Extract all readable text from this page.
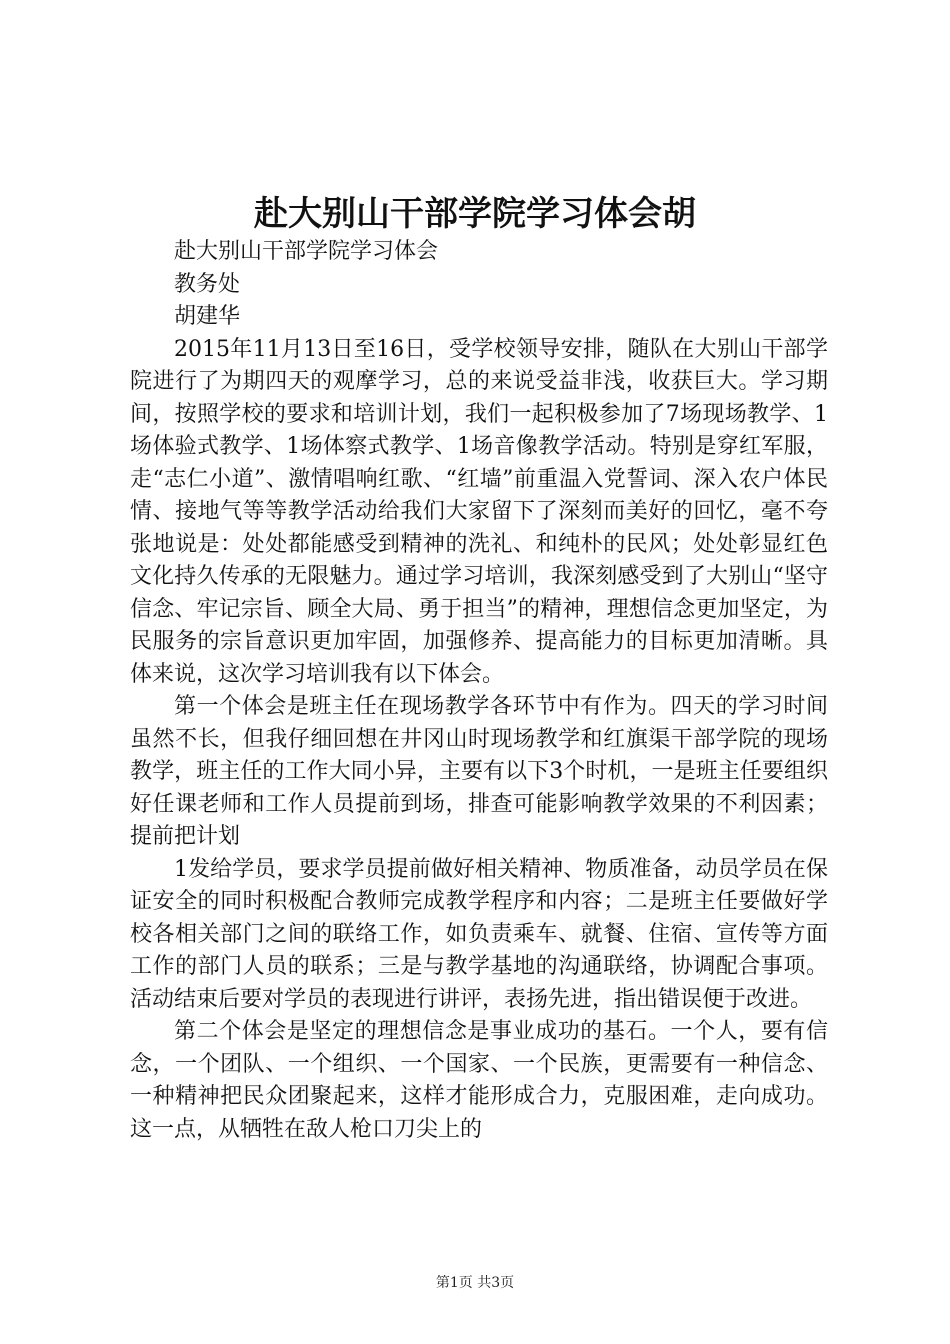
赴大别山干部学院学习体会胡

赴大别山干部学院学习体会

教务处

胡建华

2015年11月13日至16日，受学校领导安排，随队在大别山干部学院进行了为期四天的观摩学习，总的来说受益非浅，收获巨大。学习期间，按照学校的要求和培训计划，我们一起积极参加了7场现场教学、1场体验式教学、1场体察式教学、1场音像教学活动。特别是穿红军服，走“志仁小道”、激情唱响红歌、“红墙”前重温入党誓词、深入农户体民情、接地气等等教学活动给我们大家留下了深刻而美好的回忆，毫不夸张地说是：处处都能感受到精神的洗礼、和纯朴的民风；处处彰显红色文化持久传承的无限魅力。通过学习培训，我深刻感受到了大别山“坚守信念、牢记宗旨、顾全大局、勇于担当”的精神，理想信念更加坚定，为民服务的宗旨意识更加牢固，加强修养、提高能力的目标更加清晰。具体来说，这次学习培训我有以下体会。

第一个体会是班主任在现场教学各环节中有作为。四天的学习时间虽然不长，但我仔细回想在井冈山时现场教学和红旗渠干部学院的现场教学，班主任的工作大同小异，主要有以下3个时机，一是班主任要组织好任课老师和工作人员提前到场，排查可能影响教学效果的不利因素；提前把计划

1发给学员，要求学员提前做好相关精神、物质准备，动员学员在保证安全的同时积极配合教师完成教学程序和内容；二是班主任要做好学校各相关部门之间的联络工作，如负责乘车、就餐、住宿、宣传等方面工作的部门人员的联系；三是与教学基地的沟通联络，协调配合事项。活动结束后要对学员的表现进行讲评，表扬先进，指出错误便于改进。

第二个体会是坚定的理想信念是事业成功的基石。一个人，要有信念，一个团队、一个组织、一个国家、一个民族，更需要有一种信念、一种精神把民众团聚起来，这样才能形成合力，克服困难，走向成功。这一点，从牺牲在敌人枪口刀尖上的

第1页 共3页
